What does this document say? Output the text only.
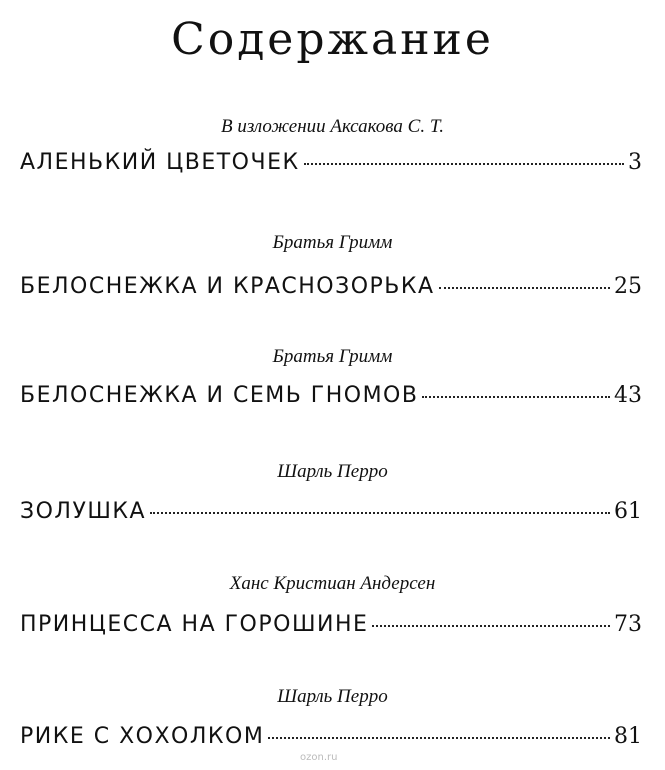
Содержание
В изложении Аксакова С. Т.
АЛЕНЬКИЙ ЦВЕТОЧЕК	3
Братья Гримм
БЕЛОСНЕЖКА И КРАСНОЗОРЬКА	25
Братья Гримм
БЕЛОСНЕЖКА И СЕМЬ ГНОМОВ	43
Шарль Перро
ЗОЛУШКА	61
Ханс Кристиан Андерсен
ПРИНЦЕССА НА ГОРОШИНЕ	73
Шарль Перро
РИКЕ С ХОХОЛКОМ	81
ozon.ru
